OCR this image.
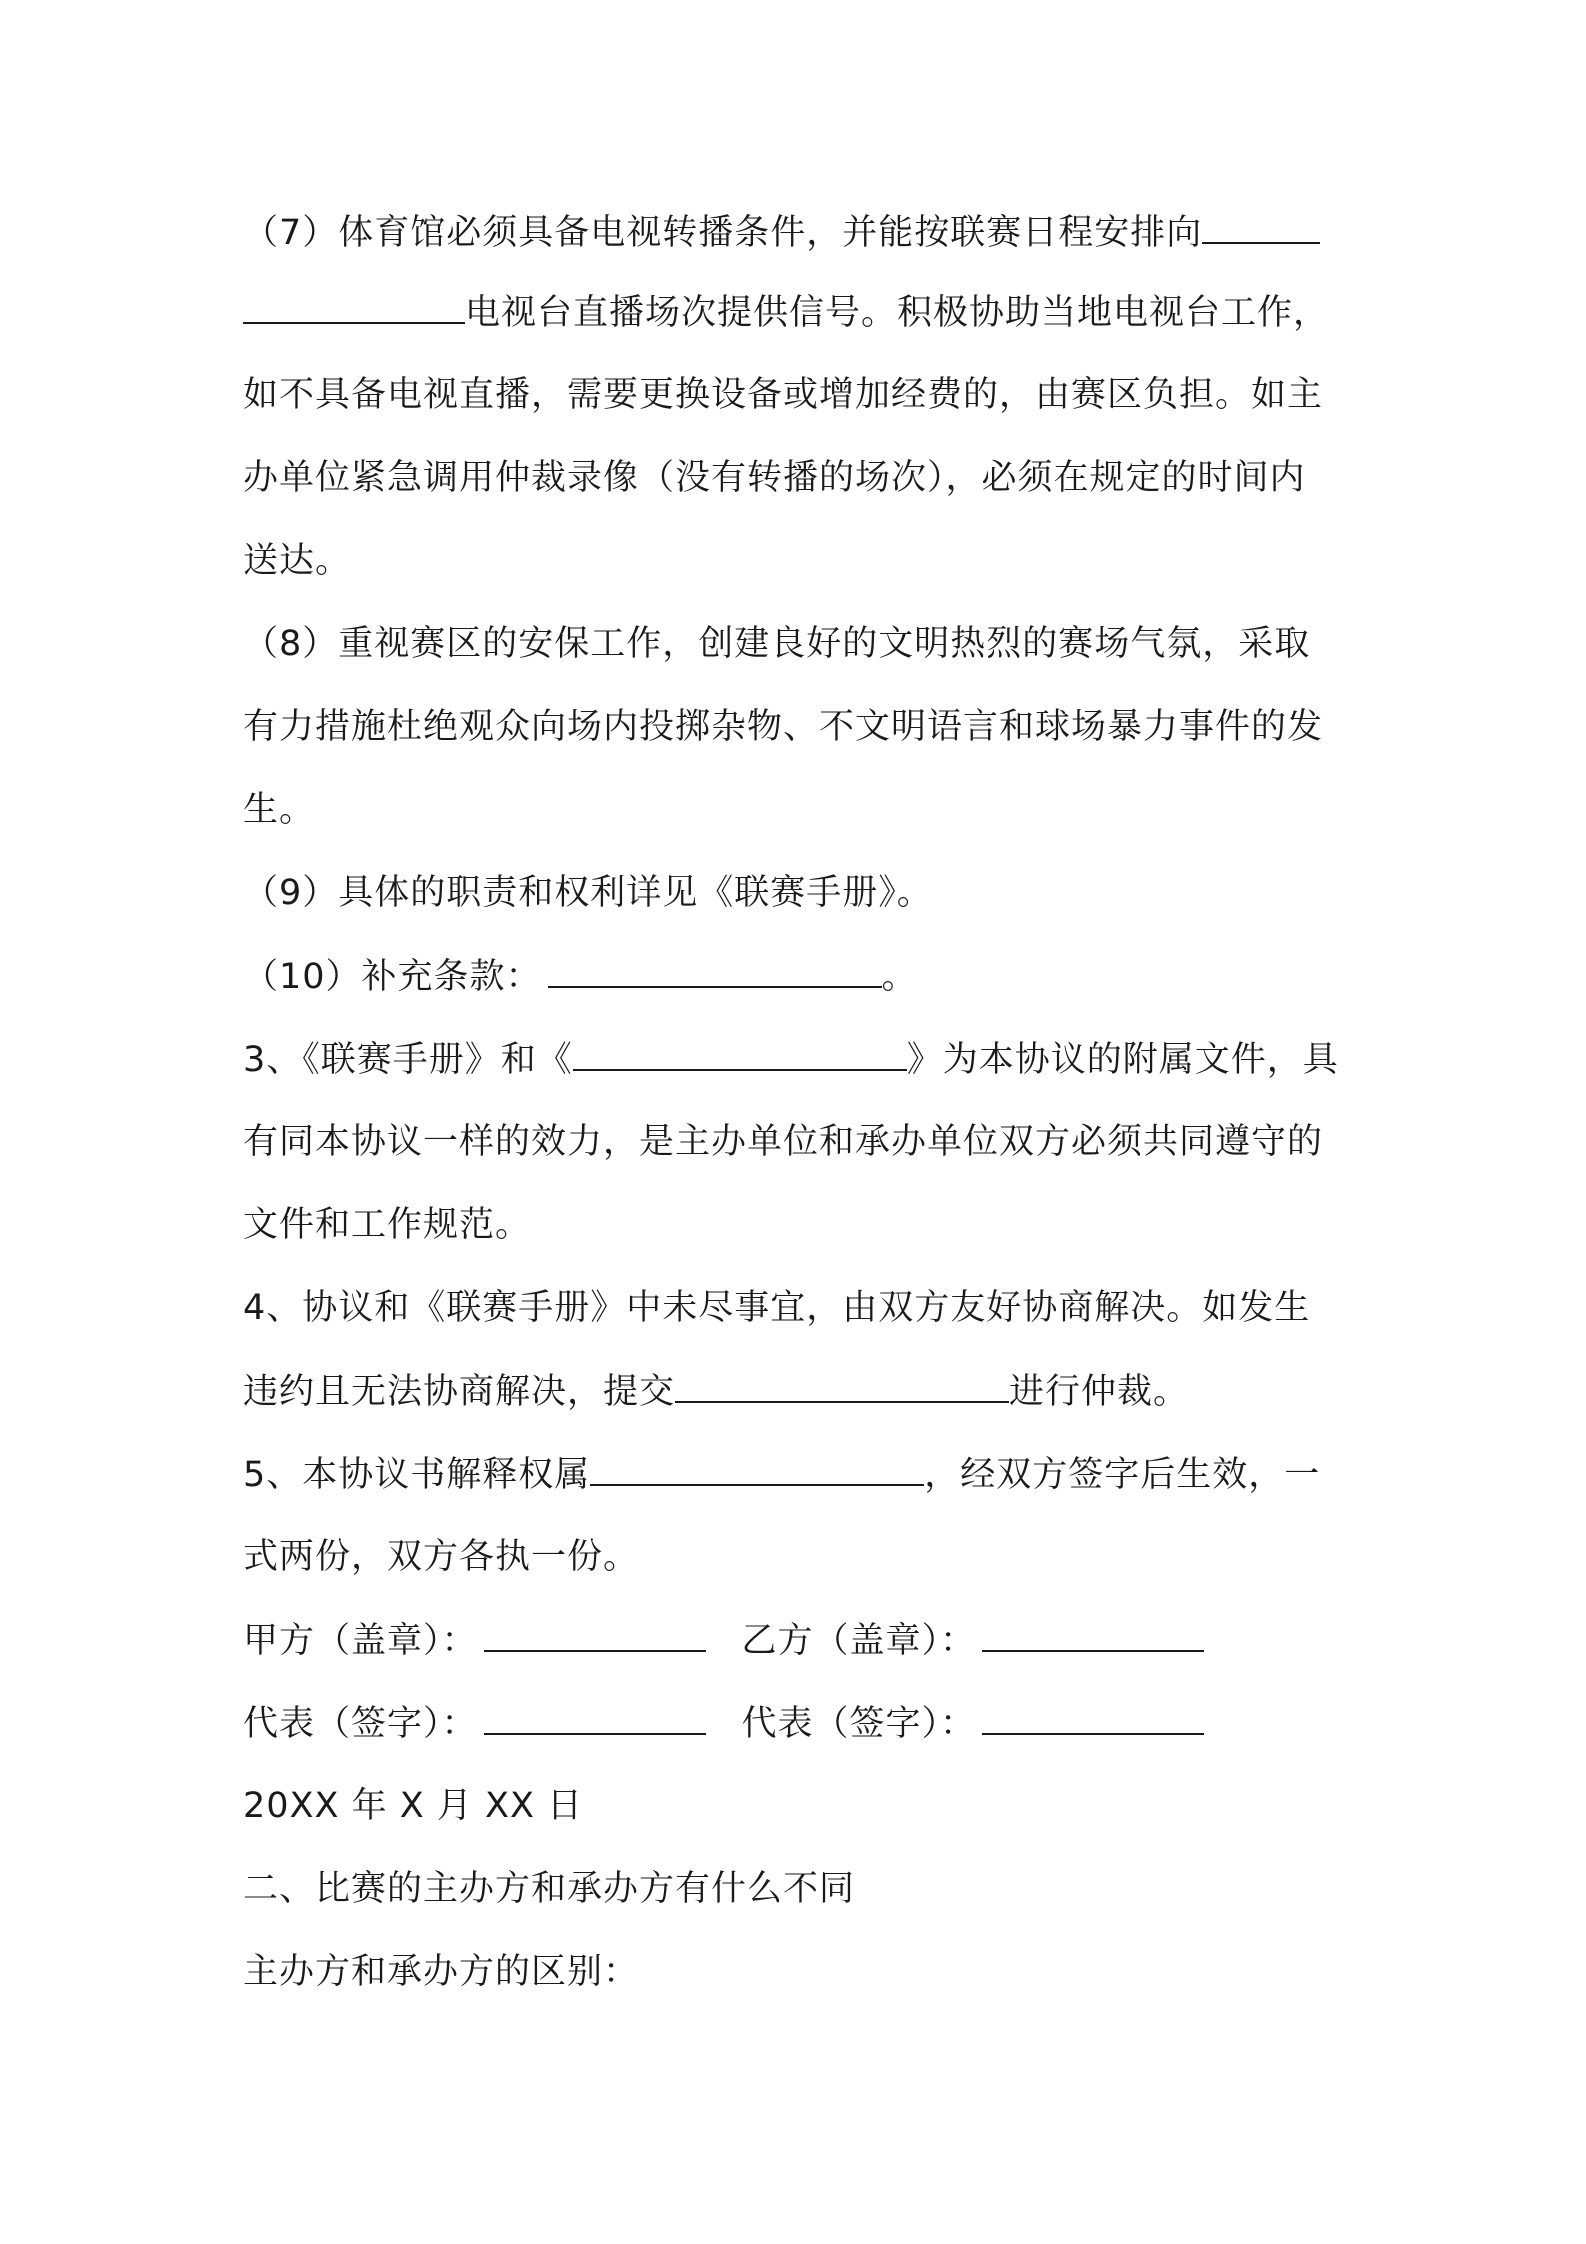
（7）体育馆必须具备电视转播条件，并能按联赛日程安排向
电视台直播场次提供信号。积极协助当地电视台工作，
如不具备电视直播，需要更换设备或增加经费的，由赛区负担。如主
办单位紧急调用仲裁录像（没有转播的场次），必须在规定的时间内
送达。
（8）重视赛区的安保工作，创建良好的文明热烈的赛场气氛，采取
有力措施杜绝观众向场内投掷杂物、不文明语言和球场暴力事件的发
生。
（9）具体的职责和权利详见《联赛手册》。
（10）补充条款：	。
3、《联赛手册》和《	》为本协议的附属文件，具
有同本协议一样的效力，是主办单位和承办单位双方必须共同遵守的
文件和工作规范。
4、协议和《联赛手册》中未尽事宜，由双方友好协商解决。如发生
违约且无法协商解决，提交	进行仲裁。
5、本协议书解释权属	，经双方签字后生效，一
式两份，双方各执一份。
甲方（盖章）：	乙方（盖章）：
代表（签字）：	代表（签字）：
20XX 年 X 月 XX 日
二、比赛的主办方和承办方有什么不同
主办方和承办方的区别：
